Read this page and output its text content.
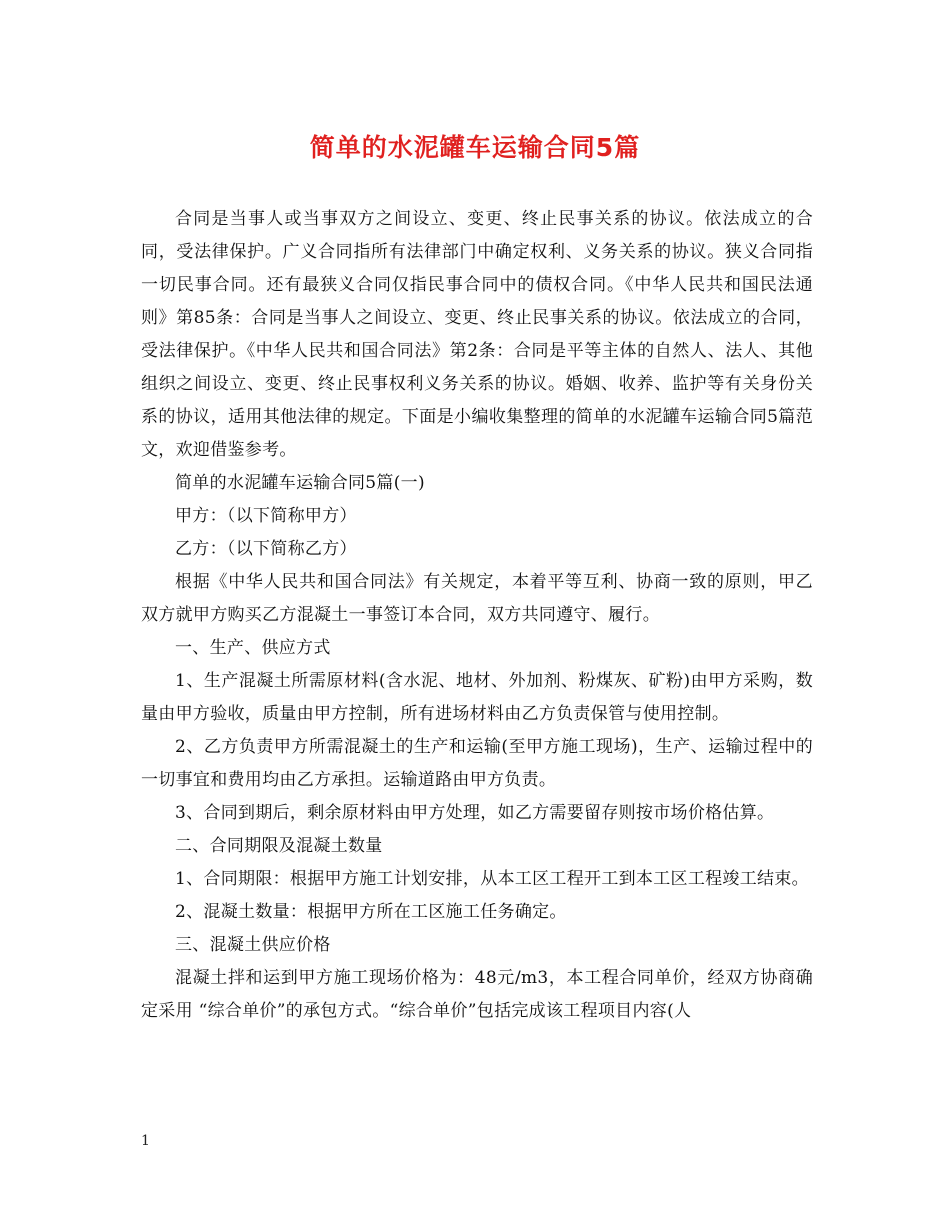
简单的水泥罐车运输合同5篇

合同是当事人或当事双方之间设立、变更、终止民事关系的协议。依法成立的合同，受法律保护。广义合同指所有法律部门中确定权利、义务关系的协议。狭义合同指一切民事合同。还有最狭义合同仅指民事合同中的债权合同。《中华人民共和国民法通则》第85条：合同是当事人之间设立、变更、终止民事关系的协议。依法成立的合同，受法律保护。《中华人民共和国合同法》第2条：合同是平等主体的自然人、法人、其他组织之间设立、变更、终止民事权利义务关系的协议。婚姻、收养、监护等有关身份关系的协议，适用其他法律的规定。下面是小编收集整理的简单的水泥罐车运输合同5篇范文，欢迎借鉴参考。

简单的水泥罐车运输合同5篇(一)

甲方：（以下简称甲方）

乙方：（以下简称乙方）

根据《中华人民共和国合同法》有关规定，本着平等互利、协商一致的原则，甲乙双方就甲方购买乙方混凝土一事签订本合同，双方共同遵守、履行。

一、生产、供应方式

1、生产混凝土所需原材料(含水泥、地材、外加剂、粉煤灰、矿粉)由甲方采购，数量由甲方验收，质量由甲方控制，所有进场材料由乙方负责保管与使用控制。

2、乙方负责甲方所需混凝土的生产和运输(至甲方施工现场)，生产、运输过程中的一切事宜和费用均由乙方承担。运输道路由甲方负责。

3、合同到期后，剩余原材料由甲方处理，如乙方需要留存则按市场价格估算。

二、合同期限及混凝土数量

1、合同期限：根据甲方施工计划安排，从本工区工程开工到本工区工程竣工结束。

2、混凝土数量：根据甲方所在工区施工任务确定。

三、混凝土供应价格

混凝土拌和运到甲方施工现场价格为：48元/m3，本工程合同单价，经双方协商确定采用 “综合单价”的承包方式。“综合单价”包括完成该工程项目内容(人

1
